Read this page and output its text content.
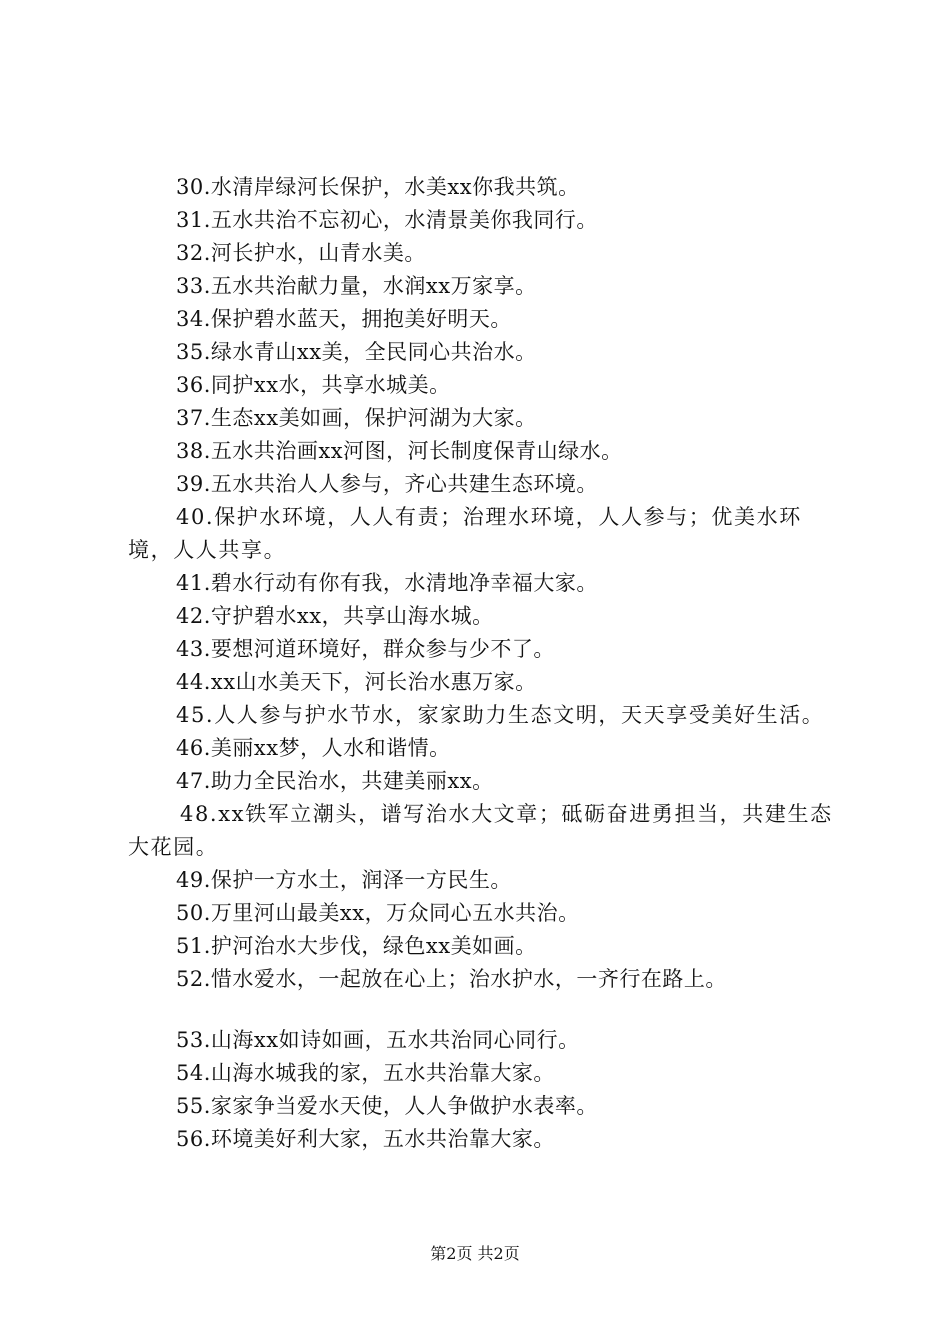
30.水清岸绿河长保护，水美xx你我共筑。

31.五水共治不忘初心，水清景美你我同行。

32.河长护水，山青水美。

33.五水共治献力量，水润xx万家享。

34.保护碧水蓝天，拥抱美好明天。

35.绿水青山xx美，全民同心共治水。

36.同护xx水，共享水城美。

37.生态xx美如画，保护河湖为大家。

38.五水共治画xx河图，河长制度保青山绿水。

39.五水共治人人参与，齐心共建生态环境。

40.保护水环境，人人有责；治理水环境，人人参与；优美水环境，人人共享。

41.碧水行动有你有我，水清地净幸福大家。

42.守护碧水xx，共享山海水城。

43.要想河道环境好，群众参与少不了。

44.xx山水美天下，河长治水惠万家。

45.人人参与护水节水，家家助力生态文明，天天享受美好生活。

46.美丽xx梦，人水和谐情。

47.助力全民治水，共建美丽xx。

48.xx铁军立潮头，谱写治水大文章；砥砺奋进勇担当，共建生态大花园。

49.保护一方水土，润泽一方民生。

50.万里河山最美xx，万众同心五水共治。

51.护河治水大步伐，绿色xx美如画。

52.惜水爱水，一起放在心上；治水护水，一齐行在路上。

53.山海xx如诗如画，五水共治同心同行。

54.山海水城我的家，五水共治靠大家。

55.家家争当爱水天使，人人争做护水表率。

56.环境美好利大家，五水共治靠大家。

第2页 共2页
